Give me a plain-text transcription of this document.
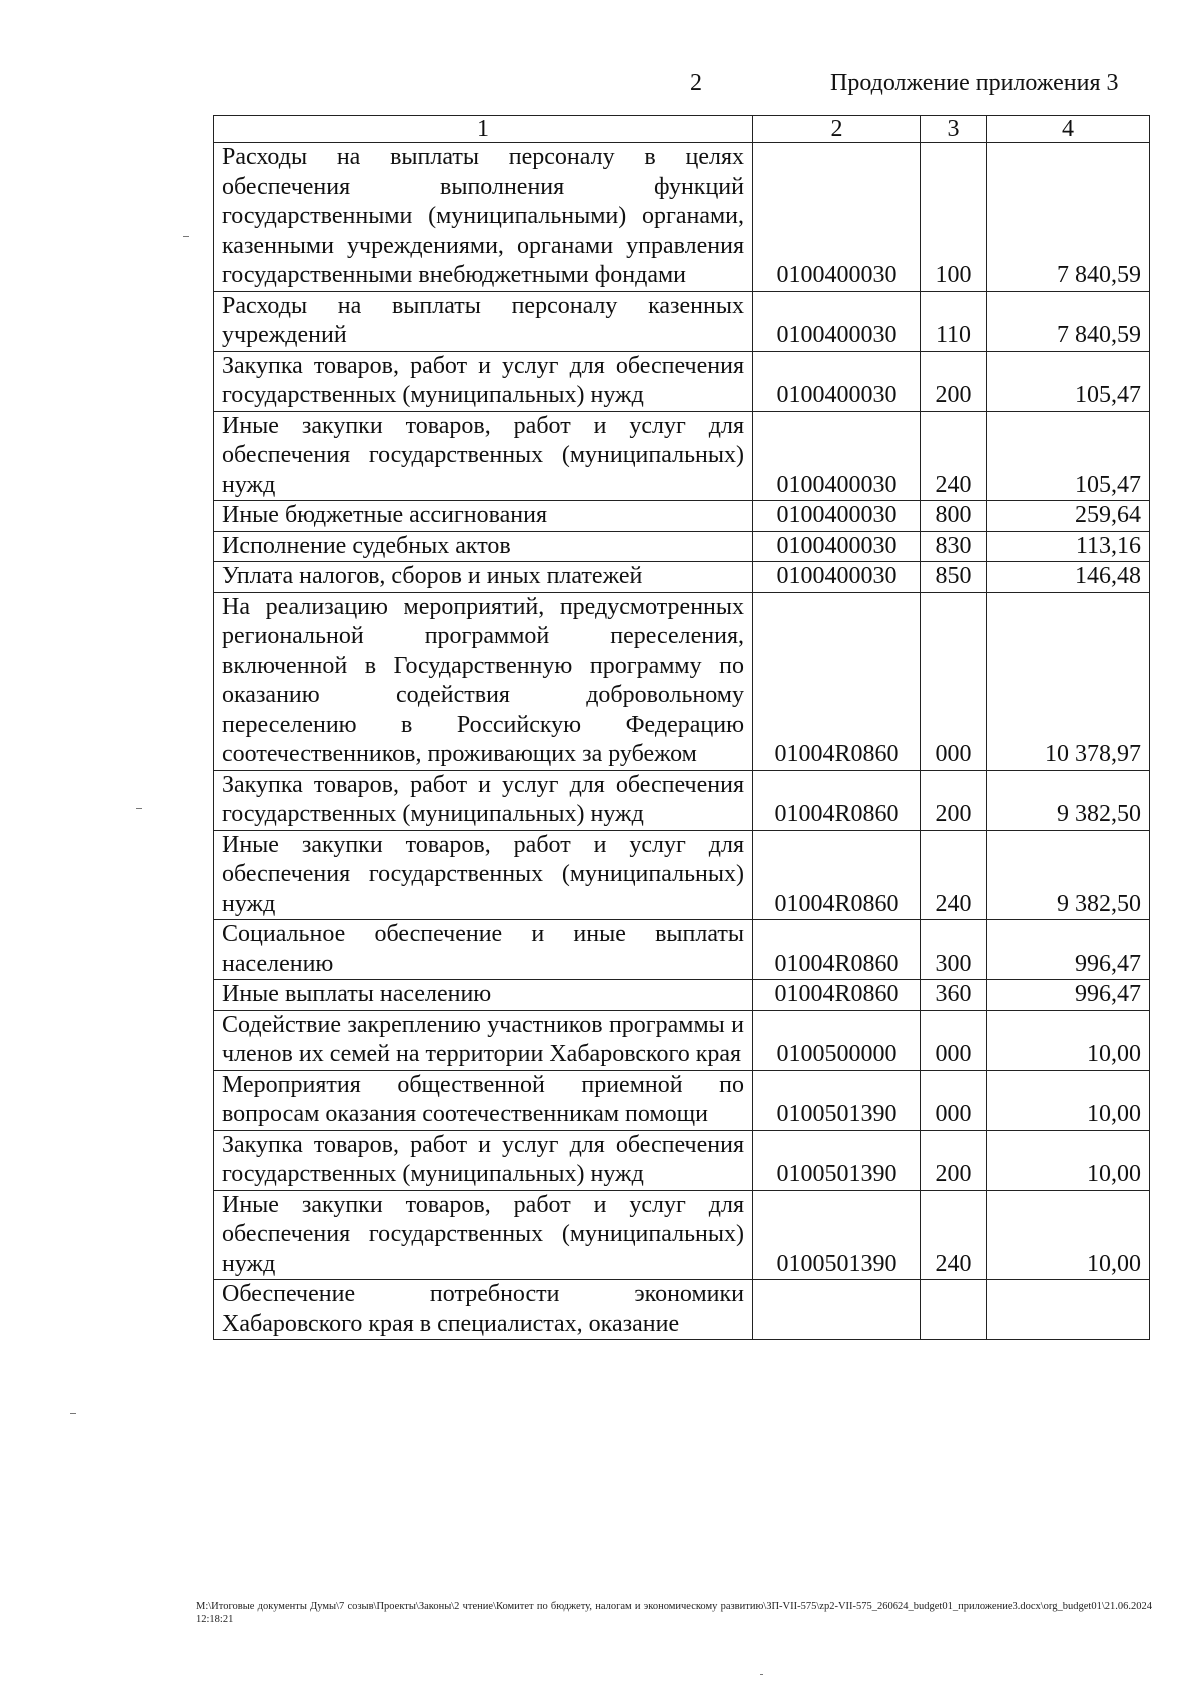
2	Продолжение приложения 3
1	2	3	4
Расходы на выплаты персоналу в целях обеспечения выполнения функций государственными (муниципальными) органами, казенными учреждениями, органами управления государственными внебюджетными фондами	0100400030	100	7 840,59
Расходы на выплаты персоналу казенных учреждений	0100400030	110	7 840,59
Закупка товаров, работ и услуг для обеспечения государственных (муниципальных) нужд	0100400030	200	105,47
Иные закупки товаров, работ и услуг для обеспечения государственных (муниципальных) нужд	0100400030	240	105,47
Иные бюджетные ассигнования	0100400030	800	259,64
Исполнение судебных актов	0100400030	830	113,16
Уплата налогов, сборов и иных платежей	0100400030	850	146,48
На реализацию мероприятий, предусмотренных региональной программой переселения, включенной в Государственную программу по оказанию содействия добровольному переселению в Российскую Федерацию соотечественников, проживающих за рубежом	01004R0860	000	10 378,97
Закупка товаров, работ и услуг для обеспечения государственных (муниципальных) нужд	01004R0860	200	9 382,50
Иные закупки товаров, работ и услуг для обеспечения государственных (муниципальных) нужд	01004R0860	240	9 382,50
Социальное обеспечение и иные выплаты населению	01004R0860	300	996,47
Иные выплаты населению	01004R0860	360	996,47
Содействие закреплению участников программы и членов их семей на территории Хабаровского края	0100500000	000	10,00
Мероприятия общественной приемной по вопросам оказания соотечественникам помощи	0100501390	000	10,00
Закупка товаров, работ и услуг для обеспечения государственных (муниципальных) нужд	0100501390	200	10,00
Иные закупки товаров, работ и услуг для обеспечения государственных (муниципальных) нужд	0100501390	240	10,00
Обеспечение потребности экономики Хабаровского края в специалистах, оказание			
М:\Итоговые документы Думы\7 созыв\Проекты\Законы\2 чтение\Комитет по бюджету, налогам и экономическому развитию\ЗП-VII-575\zp2-VII-575_260624_budget01_приложение3.docx\org_budget01\21.06.2024 12:18:21
